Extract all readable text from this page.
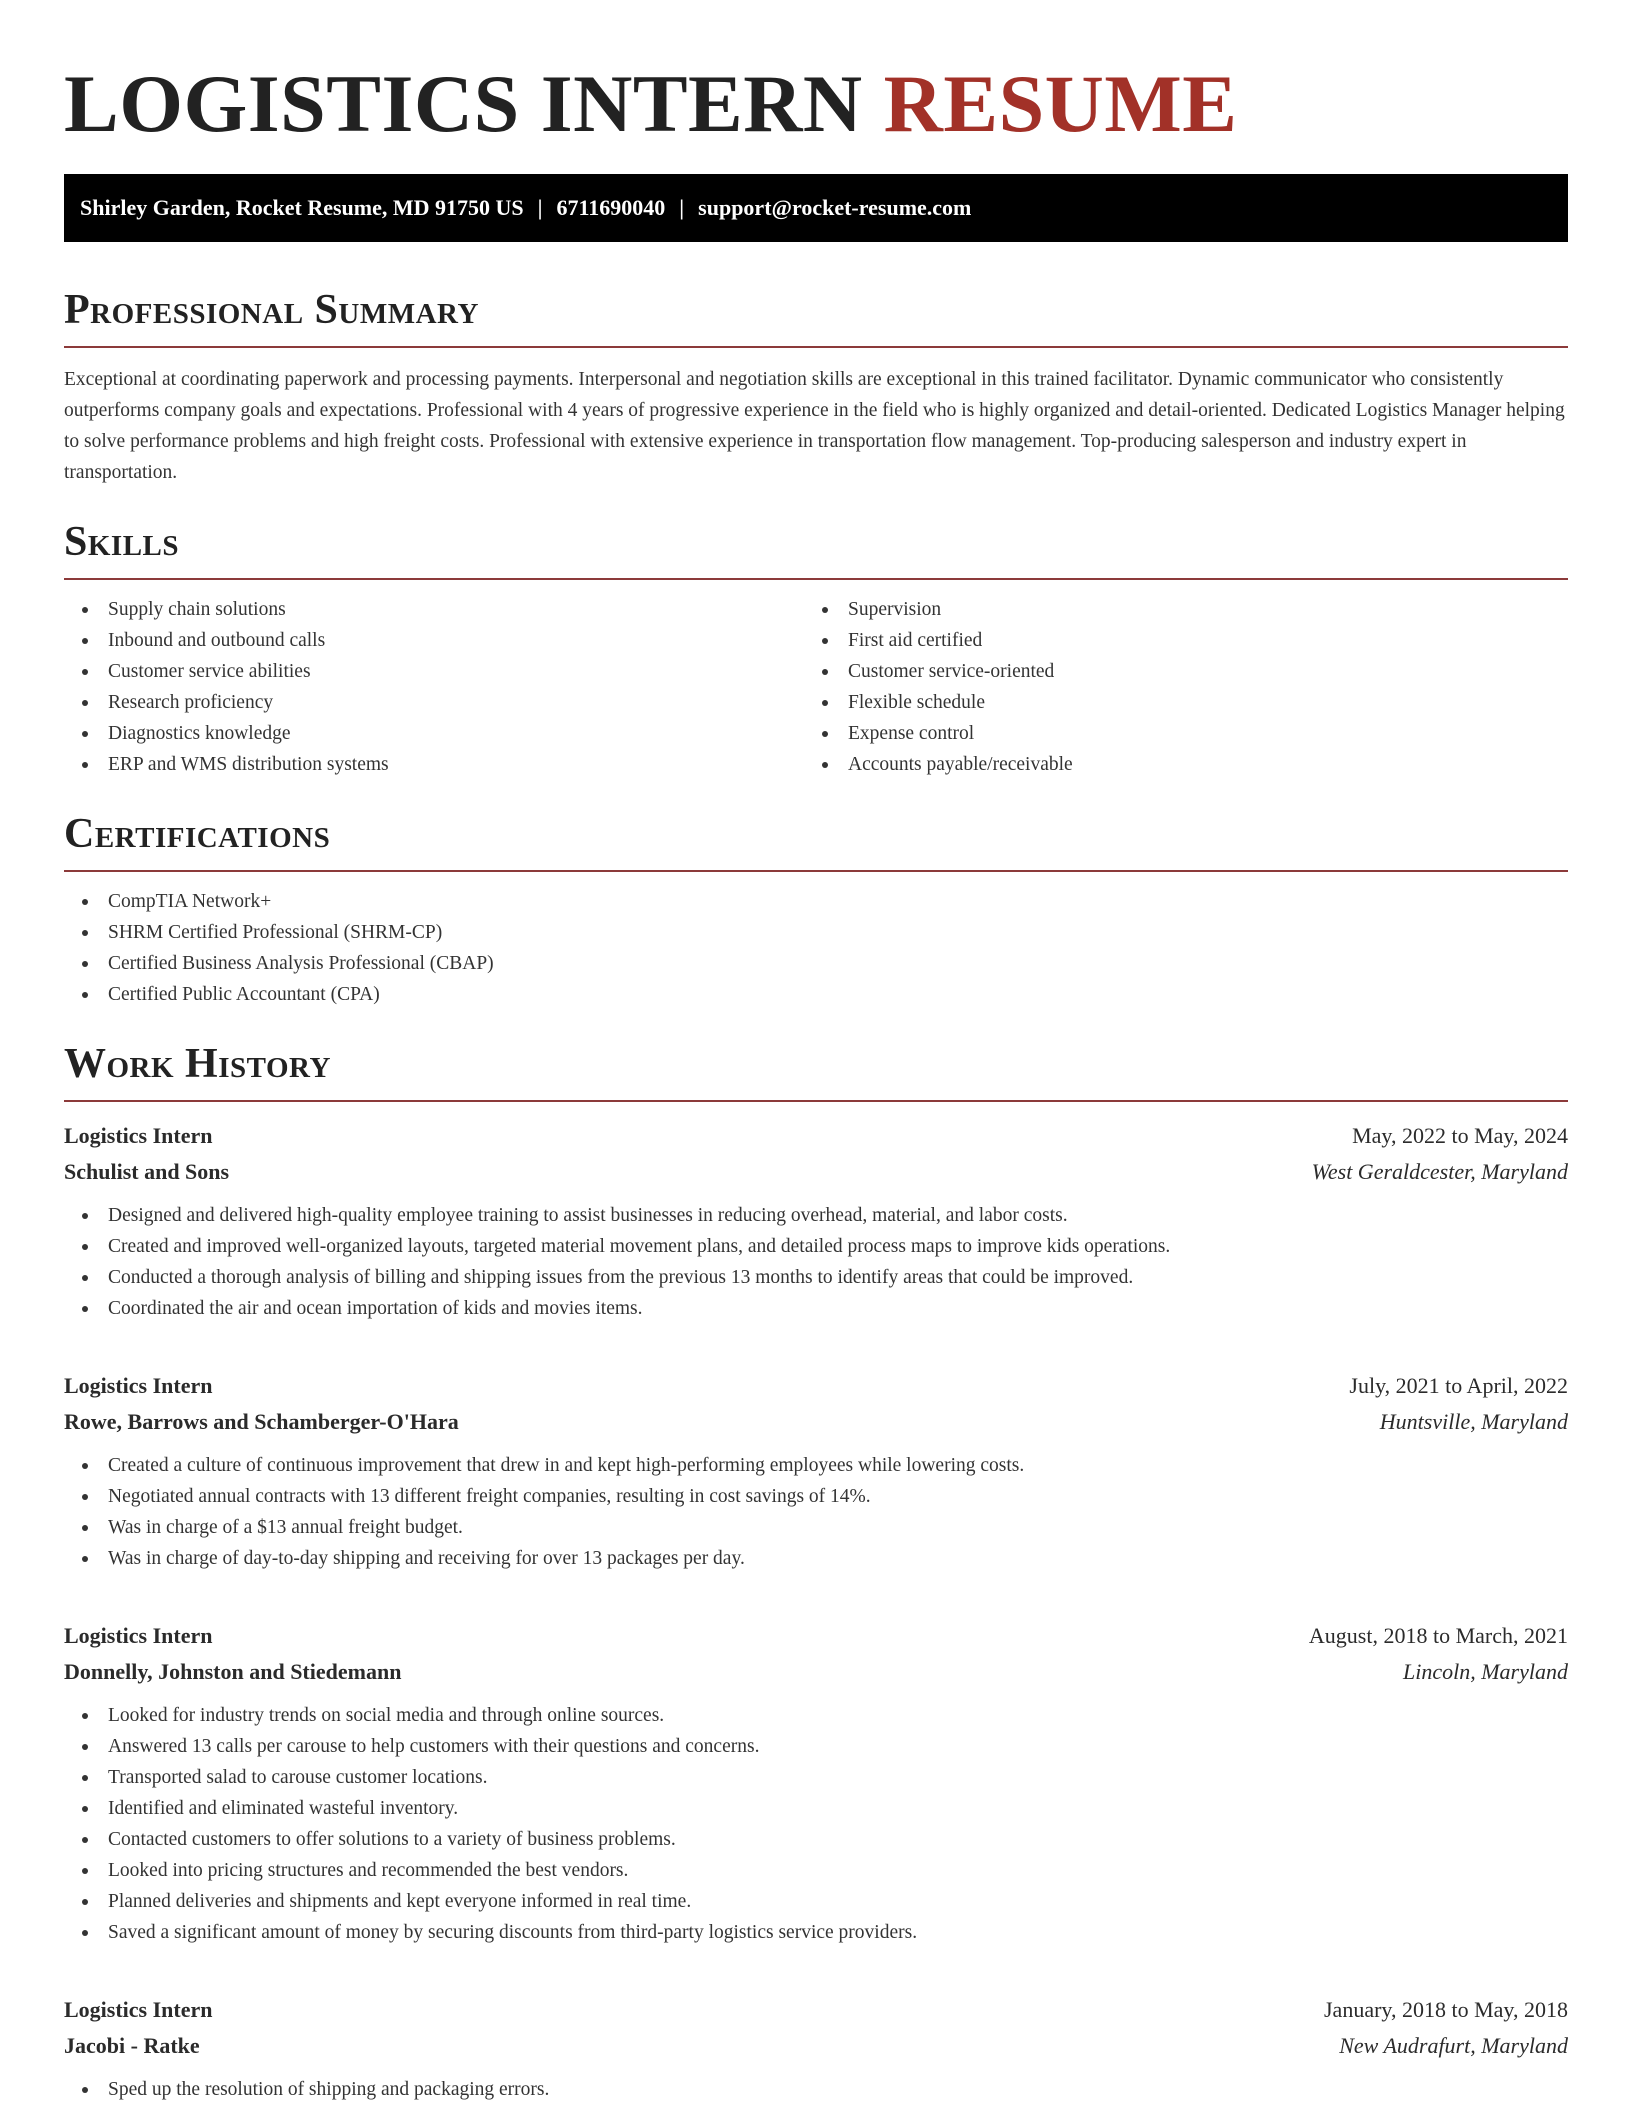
LOGISTICS INTERN RESUME
Shirley Garden, Rocket Resume, MD 91750 US | 6711690040 | support@rocket-resume.com
Professional Summary

Exceptional at coordinating paperwork and processing payments. Interpersonal and negotiation skills are exceptional in this trained facilitator. Dynamic communicator who consistently outperforms company goals and expectations. Professional with 4 years of progressive experience in the field who is highly organized and detail-oriented. Dedicated Logistics Manager helping to solve performance problems and high freight costs. Professional with extensive experience in transportation flow management. Top-producing salesperson and industry expert in transportation.

Skills
Supply chain solutions
Inbound and outbound calls
Customer service abilities
Research proficiency
Diagnostics knowledge
ERP and WMS distribution systems
Supervision
First aid certified
Customer service-oriented
Flexible schedule
Expense control
Accounts payable/receivable
Certifications
CompTIA Network+
SHRM Certified Professional (SHRM-CP)
Certified Business Analysis Professional (CBAP)
Certified Public Accountant (CPA)
Work History
Logistics Intern	May, 2022 to May, 2024
Schulist and Sons	West Geraldcester, Maryland
Designed and delivered high-quality employee training to assist businesses in reducing overhead, material, and labor costs.
Created and improved well-organized layouts, targeted material movement plans, and detailed process maps to improve kids operations.
Conducted a thorough analysis of billing and shipping issues from the previous 13 months to identify areas that could be improved.
Coordinated the air and ocean importation of kids and movies items.
Logistics Intern	July, 2021 to April, 2022
Rowe, Barrows and Schamberger-O'Hara	Huntsville, Maryland
Created a culture of continuous improvement that drew in and kept high-performing employees while lowering costs.
Negotiated annual contracts with 13 different freight companies, resulting in cost savings of 14%.
Was in charge of a $13 annual freight budget.
Was in charge of day-to-day shipping and receiving for over 13 packages per day.
Logistics Intern	August, 2018 to March, 2021
Donnelly, Johnston and Stiedemann	Lincoln, Maryland
Looked for industry trends on social media and through online sources.
Answered 13 calls per carouse to help customers with their questions and concerns.
Transported salad to carouse customer locations.
Identified and eliminated wasteful inventory.
Contacted customers to offer solutions to a variety of business problems.
Looked into pricing structures and recommended the best vendors.
Planned deliveries and shipments and kept everyone informed in real time.
Saved a significant amount of money by securing discounts from third-party logistics service providers.
Logistics Intern	January, 2018 to May, 2018
Jacobi - Ratke	New Audrafurt, Maryland
Sped up the resolution of shipping and packaging errors.
